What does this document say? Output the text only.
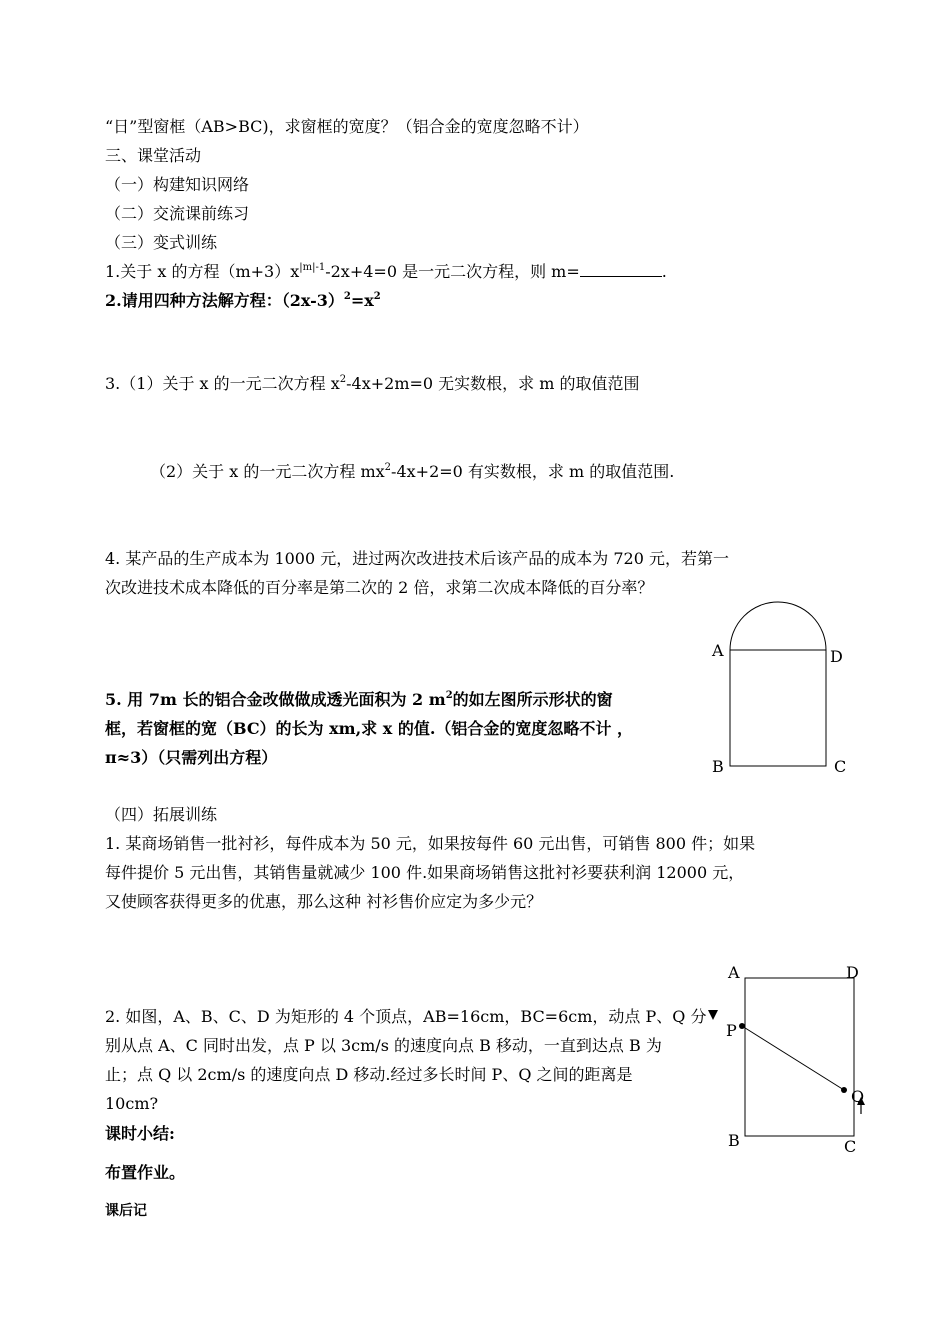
“日”型窗框（AB>BC)，求窗框的宽度？（铝合金的宽度忽略不计）
三、课堂活动
（一）构建知识网络
（二）交流课前练习
（三）变式训练
1.关于 x 的方程$(m+3)x^{|m|-1}-2x+4=0$ 是一元二次方程，则 m=	.
2.请用四种方法解方程：$(2x-3)^2=x^2$
3.（1）关于 x 的一元二次方程 $x^2-4x+2m=0$ 无实数根，求 m 的取值范围
（2）关于 x 的一元二次方程 $mx^2-4x+2=0$ 有实数根，求 m 的取值范围.
4. 某产品的生产成本为 1000 元，进过两次改进技术后该产品的成本为 720 元，若第一
次改进技术成本降低的百分率是第二次的 2 倍，求第二次成本降低的百分率？
5. 用 7m 长的铝合金改做做成透光面积为 2 $m^2$的如左图所示形状的窗
框，若窗框的宽（BC）的长为 xm,求 x 的值.（铝合金的宽度忽略不计 ，
π≈3）（只需列出方程）
（四）拓展训练
1. 某商场销售一批衬衫，每件成本为 50 元，如果按每件 60 元出售，可销售 800 件；如果
每件提价 5 元出售，其销售量就减少 100 件.如果商场销售这批衬衫要获利润 12000 元，
又使顾客获得更多的优惠，那么这种 衬衫售价应定为多少元？
2. 如图，A、B、C、D 为矩形的 4 个顶点，AB=16cm，BC=6cm，动点 P、Q 分
别从点 A、C 同时出发，点 P 以 3cm/s 的速度向点 B 移动，一直到达点 B 为
止；点 Q 以 2cm/s 的速度向点 D 移动.经过多长时间 P、Q 之间的距离是
10cm?
课时小结:
布置作业。
课后记
A	D
B	C
A	D
P
Q
B	C
